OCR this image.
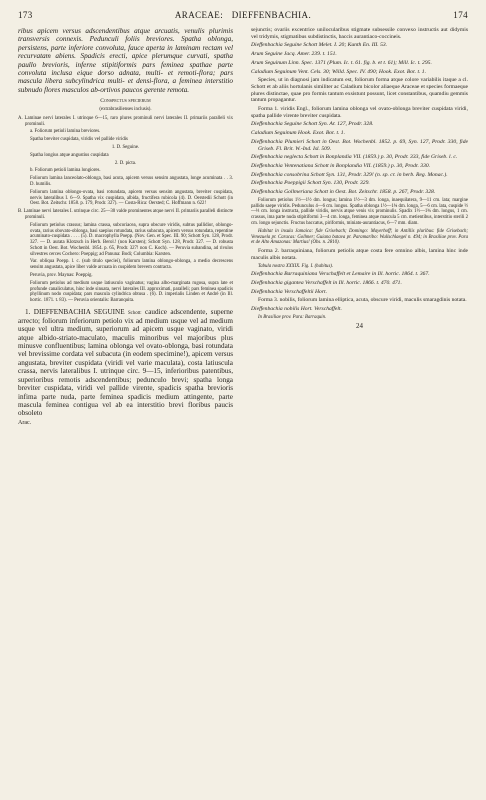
173	ARACEAE: DIEFFENBACHIA.	174

ribus apicem versus adscendentibus atque arcuatis, venulis plurimis transversis connexis. Pedunculi foliis breviores. Spatha oblonga, persistens, parte inferiore convoluta, fauce aperta in laminam rectam vel recurvatam abiens. Spadicis erecti, apice plerumque curvati, spatha paullo brevioris, inferne stipitiformis pars feminea spathae parte convoluta inclusa eique dorso adnata, multi- et remoti-flora; pars mascula libera subcylindrica multi- et densi-flora, a feminea interstitio subnudo flores masculos ab-ortivos paucos gerente remota.

Conspectus specierum

(extrabrasilienses inclusis).

A. Laminae nervi laterales I. utrinque 6—15, raro plures prominuli nervi laterales II. primariis paralleli vix prominuli.

a. Foliorum petioli lamina breviores.

Spatha breviter cuspidata, viridis vel pallide viridis

1. D. Seguine.

Spatha longius atque angustius cuspidata

2. D. picta.

b. Foliorum petioli lamina longiores.

Foliorum lamina lanceolato-oblonga, basi acuta, apicem versus sensim angustata, longe acuminata . . 3. D. humilis.

Foliorum lamina oblongo-ovata, basi rotundata, apicem versus sensim angustata, breviter cuspidata, nervis lateralibus I. 6—9. Spatha vix cuspidata, albida, fructifera rubicola (4). D. Oerstedii Schott (in Oest. Bot. Zeitschr. 1858. p. 179, Prodr. 327). — Costa-Rica: Oersted; C. Hoffmann n. 622!

B. Laminae nervi laterales I. utrinque circ. 25—30 valde prominentes atque nervi II. primariis paralleli distincte prominuli.

Foliorum petiolus crassus; lamina crassa, subcoriacea, supra obscure viridis, subtus pallidior, oblongo-ovata, rarius obovato-oblonga, basi saepius rotundata, rarius subacuta, apicem versus rotundata, repentine acuminato-cuspidata . . . . (5). D. macrophylla Poepp. (Nov. Gen. et Spec. III. 90; Schott Syn. 128, Prodr. 327. — D. aurata Klotzsch in Herb. Berol.! (non Karsten); Schott Syn. 128, Prodr. 327. — D. robusta Schott in Oest. Bot. Wochenbl. 1854. p. 65, Prodr. 327! non C. Koch). — Peruvia subandina, ad rivulos silvestres cerces Cochero: Poeppig; ad Panuna: Bodi; Columbia: Karsten.

Var. obliqua Poepp. l. c. (sub titulo speciei), foliorum lamina oblongo-oblonga, a medio decrescens sensim angustata, apice liber valde arcuata in cuspidem brevem contracta.

Peruvia, prov. Maynas: Poeppig.

Foliorum petiolus ad medium usque latiusculo vaginatus; vagina albo-marginata rugosa, supra late et profunde canaliculatus, hinc inde sinuata, nervi laterales III. approximati, paralleli; pars feminea spadicis phyllinum nodo cuspidata; pars mascula cylindrica obtusa . (6). D. imperialis Linden et André (in Ill. hortic. 1871. t. 83). — Peruvia orientalis: Barranquita.

1. DIEFFENBACHIA SEGUINE Schott: caudice adscendente, superne arrecto; foliorum inferiorum petiolo vix ad medium usque vel ad medium usque vel ultra medium, superiorum ad apicem usque vaginato, viridi atque albido-striato-maculato, maculis minoribus vel majoribus plus minusve confluentibus; lamina oblonga vel ovato-oblonga, basi rotundata vel brevissime cordata vel subacuta (in eodem specimine!), apicem versus angustata, breviter cuspidata (viridi vel varie maculata), costa latiuscula crassa, nervis lateralibus I. utrinque circ. 9—15, inferioribus patentibus, superioribus remotis adscendentibus; pedunculo brevi; spatha longa breviter cuspidata, viridi vel pallide virente, spadicis spatha brevioris infima parte nuda, parte feminea spadicis medium attingente, parte mascula feminea contigua vel ab ea interstitio brevi floribus paucis obsoleto

Arac.

sejunctis; ovariis excentrice unilocularibus stigmate subsessile convexo instructis aut didymis vel tridymis, stigmatibus subdistinctis, baccis aurantiaco-coccineis.

Dieffenbachia Seguine Schott Melet. I. 20; Kunth En. III. 53.

Arum Seguine Jacq. Amer. 239. t. 151.

Arum Seguinum Linn. Spec. 1371 (Plum. Ic. t. 61. fig. b. et t. 61); Mill. Ic. t. 295.

Caladium Seguinum Vent. Cels. 30; Willd. Spec. IV. 490; Hook. Exot. Bot. t. 1.

Species, ut in diagnosi jam indicatum est, foliorum forma atque colore variabilis itaque a cl. Schott et ab aliis hortulanis similiter ac Caladium bicolor aliaeque Araceae et species formaeque plures distinctae, quae pro formis tantum exsistunt possunt, licet constantibus, quamdiu gemmis tantum propagantur.

Forma 1. viridis Engl., foliorum lamina oblonga vel ovato-oblonga breviter cuspidata viridi, spatha pallide virente breviter cuspidata.

Dieffenbachia Seguine Schott Syn. Ar. 127, Prodr. 328.

Caladium Seguinum Hook. Exot. Bot. t. 1.

Dieffenbachia Plumieri Schott in Oest. Bot. Wochenbl. 1852. p. 69, Syn. 127, Prodr. 330, fide Griseb. Fl. Brit. W.-Ind. Isl. 509.

Dieffenbachia neglecta Schott in Bonplandia VII. (1859.) p. 30, Prodr. 333, fide Griseb. l. c.

Dieffenbachia Ventenatiana Schott in Bonplandia VII. (1859.) p. 30, Prodr. 330.

Dieffenbachia consobrina Schott Syn. 131, Prodr. 329! (n. sp. cr. in herb. Reg. Monac.).

Dieffenbachia Poeppigii Schott Syn. 130, Prodr. 329.

Dieffenbachia Gollmeriana Schott in Oest. Bot. Zeitschr. 1858. p. 267, Prodr. 328.

Foliorum petiolus 1½—1½ dm. longus; lamina 1½—3 dm. longa, inaequilatera, 9—11 cm. lata; margine pallido saepe viridis. Pedunculus 4—6 cm. longus. Spatha oblonga 1½—1¾ dm. longa, 5—6 cm. lata, cuspide ½—⅓ cm. longa instructa, pallide viridis, nervis atque venis vix prominulis. Spadix 1½—1¾ dm. longus, 1 cm. crassus, ima parte nuda stipitiformi 3—4 cm. longa, feminea atque mascula 5 cm. metientibus, interstitio sterili 2 cm. longo sejunctis. Fructus baccatus, piriformis, miniato-aurantiacus, 6—7 mm. diam.

Habitat in insula Jamaica: fide Grisebach; Domingo: Mayerhoff; in Antillis pluribus: fide Grisebach; Venezuela pr. Caracas: Gollmer; Guiana batava pr. Paramaribo: Wullschlaegel n. 494; in Brasiliae prov. Para et de Alto Amazonas: Martius! (Obs. n. 2810).

Forma 2. barraquiniana, foliorum petiolis atque costa fere omnino albis, lamina hinc inde maculis albis notata.

Tabula nostra XXXIX. Fig. I. (habitus).

Dieffenbachia Barraquiniana Verschaffelt et Lemaire in Ill. hortic. 1864. t. 367.

Dieffenbachia gigantea Verschaffelt in Ill. hortic. 1866. t. 470. 471.

Dieffenbachia Verschaffeltii Hort.

Forma 3. nobilis, foliorum lamina elliptica, acuta, obscure viridi, maculis smaragdinis notata.

Dieffenbachia nobilis Hort. Verschaffelt.

In Brasiliae prov. Para: Barraquin.

24
